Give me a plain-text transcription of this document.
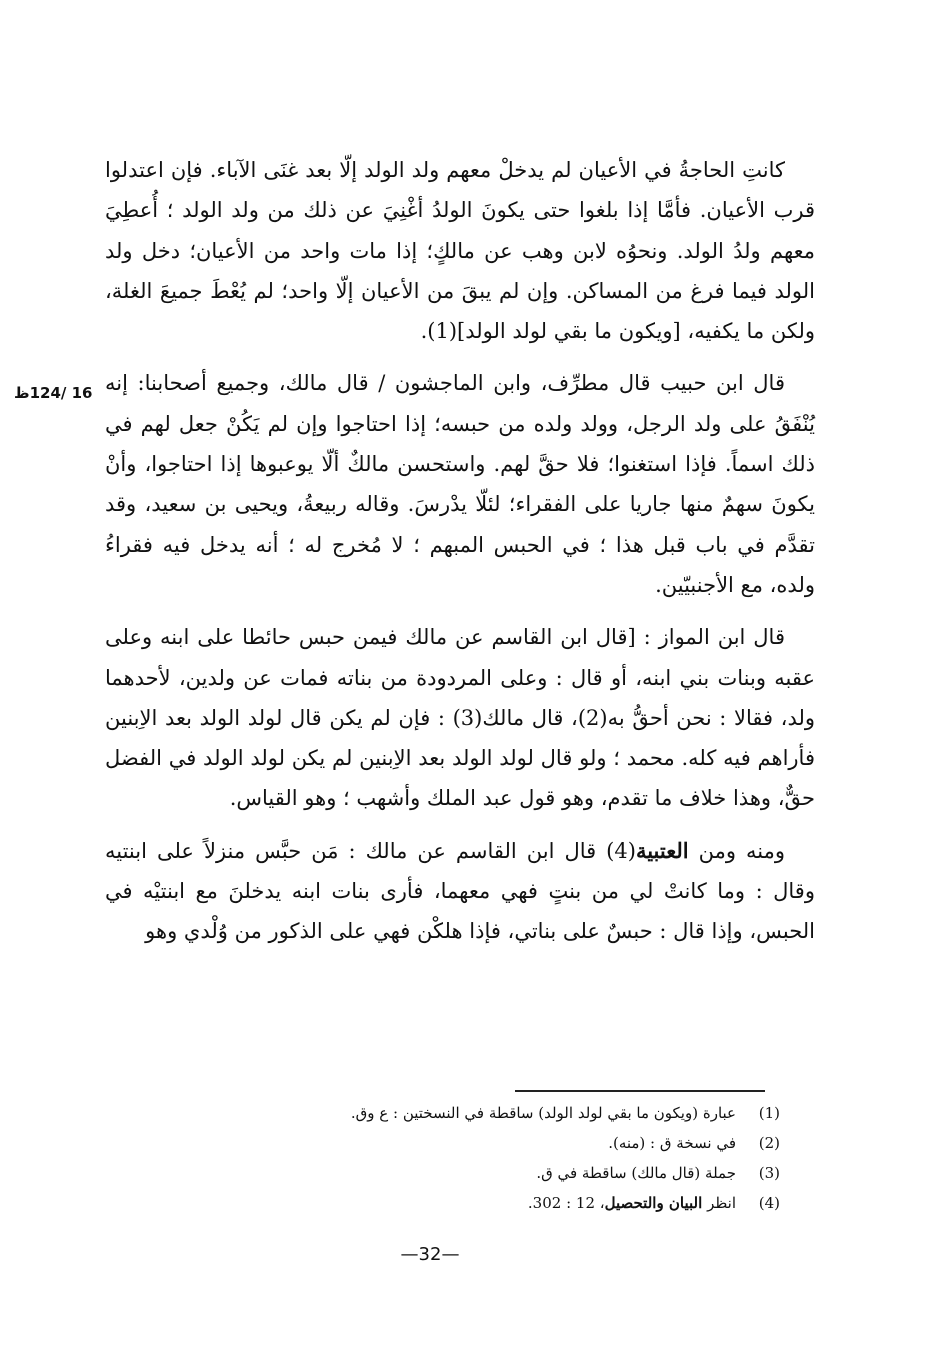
16 /124ظ

كانتِ الحاجةُ في الأعيان لم يدخلْ معهم ولد الولد إلّا بعد غنَى الآباء. فإن اعتدلوا قرب الأعيان. فأمَّا إذا بلغوا حتى يكونَ الولدُ أغْنِيَ عن ذلك من ولد الولد ؛ أُعطِيَ معهم ولدُ الولد. ونحوُه لابن وهب عن مالكٍ؛ إذا مات واحد من الأعيان؛ دخل ولد الولد فيما فرغ من المساكن. وإن لم يبقَ من الأعيان إلّا واحد؛ لم يُعْطَ جميعَ الغلة، ولكن ما يكفيه، [ويكون ما بقي لولد الولد](1).

قال ابن حبيب قال مطرِّف، وابن الماجشون / قال مالك، وجميع أصحابنا: إنه يُنْفَقُ على ولد الرجل، وولد ولده من حبسه؛ إذا احتاجوا وإن لم يَكُنْ جعل لهم في ذلك اسماً. فإذا استغنوا؛ فلا حقَّ لهم. واستحسن مالكٌ ألّا يوعبوها إذا احتاجوا، وأنْ يكونَ سهمٌ منها جاريا على الفقراء؛ لئلّا يدْرسَ. وقاله ربيعةُ، ويحيى بن سعيد، وقد تقدَّم في باب قبل هذا ؛ في الحبس المبهم ؛ لا مُخرج له ؛ أنه يدخل فيه فقراءُ ولده، مع الأجنبيّين.

قال ابن المواز : [قال ابن القاسم عن مالك فيمن حبس حائطا على ابنه وعلى عقبه وبنات بني ابنه، أو قال : وعلى المردودة من بناته فمات عن ولدين، لأحدهما ولد، فقالا : نحن أحقُّ به(2)، قال مالك(3) : فإن لم يكن قال لولد الولد بعد الاِبنين فأراهم فيه كله. محمد ؛ ولو قال لولد الولد بعد الاِبنين لم يكن لولد الولد في الفضل حقٌّ، وهذا خلاف ما تقدم، وهو قول عبد الملك وأشهب ؛ وهو القياس.

ومنه ومن العتبية(4) قال ابن القاسم عن مالك : مَن حبَّس منزلاً على ابنتيه وقال : وما كانتْ لي من بنتٍ فهي معهما، فأرى بنات ابنه يدخلنَ مع ابنتيْه في الحبس، وإذا قال : حبسٌ على بناتي، فإذا هلكْن فهي على الذكور من وُلْدي وهو

(1)عبارة (ويكون ما بقي لولد الولد) ساقطة في النسختين : ع وق.
(2)في نسخة ق : (منه).
(3)جملة (قال مالك) ساقطة في ق.
(4)انظر البيان والتحصيل، 12 : 302.
—32—
